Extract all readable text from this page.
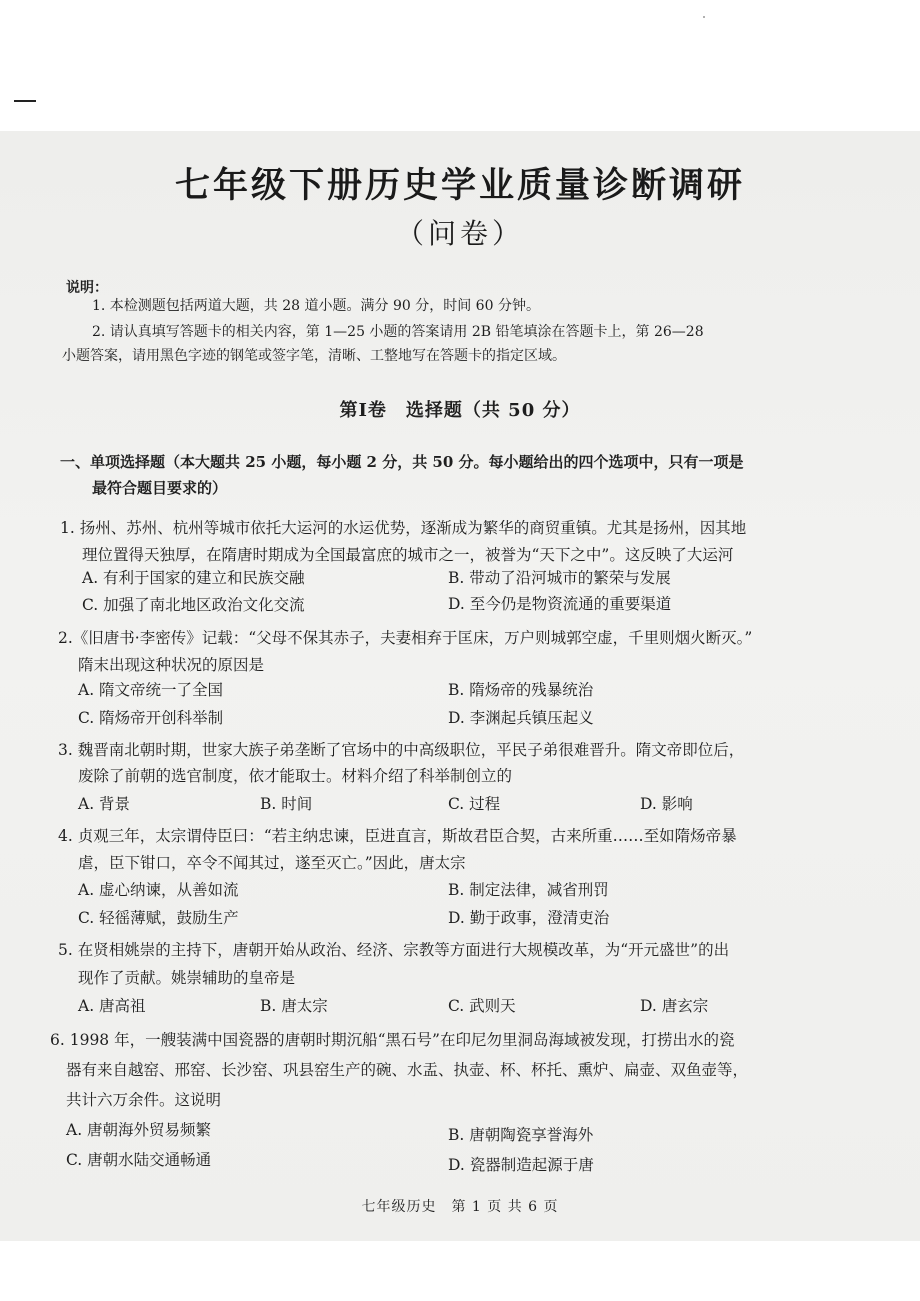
七年级下册历史学业质量诊断调研
（问卷）
说明：
1. 本检测题包括两道大题，共 28 道小题。满分 90 分，时间 60 分钟。
2. 请认真填写答题卡的相关内容，第 1—25 小题的答案请用 2B 铅笔填涂在答题卡上，第 26—28
小题答案，请用黑色字迹的钢笔或签字笔，清晰、工整地写在答题卡的指定区域。
第Ⅰ卷　选择题（共 50 分）
一、单项选择题（本大题共 25 小题，每小题 2 分，共 50 分。每小题给出的四个选项中，只有一项是
最符合题目要求的）
1. 扬州、苏州、杭州等城市依托大运河的水运优势，逐渐成为繁华的商贸重镇。尤其是扬州，因其地
理位置得天独厚，在隋唐时期成为全国最富庶的城市之一，被誉为“天下之中”。这反映了大运河
A. 有利于国家的建立和民族交融	B. 带动了沿河城市的繁荣与发展
C. 加强了南北地区政治文化交流	D. 至今仍是物资流通的重要渠道
2.《旧唐书·李密传》记载：“父母不保其赤子，夫妻相弃于匡床，万户则城郭空虚，千里则烟火断灭。”
隋末出现这种状况的原因是
A. 隋文帝统一了全国	B. 隋炀帝的残暴统治
C. 隋炀帝开创科举制	D. 李渊起兵镇压起义
3. 魏晋南北朝时期，世家大族子弟垄断了官场中的中高级职位，平民子弟很难晋升。隋文帝即位后，
废除了前朝的选官制度，依才能取士。材料介绍了科举制创立的
A. 背景	B. 时间	C. 过程	D. 影响
4. 贞观三年，太宗谓侍臣曰：“若主纳忠谏，臣进直言，斯故君臣合契，古来所重……至如隋炀帝暴
虐，臣下钳口，卒令不闻其过，遂至灭亡。”因此，唐太宗
A. 虚心纳谏，从善如流	B. 制定法律，减省刑罚
C. 轻徭薄赋，鼓励生产	D. 勤于政事，澄清吏治
5. 在贤相姚崇的主持下，唐朝开始从政治、经济、宗教等方面进行大规模改革，为“开元盛世”的出
现作了贡献。姚崇辅助的皇帝是
A. 唐高祖	B. 唐太宗	C. 武则天	D. 唐玄宗
6. 1998 年，一艘装满中国瓷器的唐朝时期沉船“黑石号”在印尼勿里洞岛海域被发现，打捞出水的瓷
器有来自越窑、邢窑、长沙窑、巩县窑生产的碗、水盂、执壶、杯、杯托、熏炉、扁壶、双鱼壶等，
共计六万余件。这说明
A. 唐朝海外贸易频繁	B. 唐朝陶瓷享誉海外
C. 唐朝水陆交通畅通	D. 瓷器制造起源于唐
七年级历史　第 1 页 共 6 页
